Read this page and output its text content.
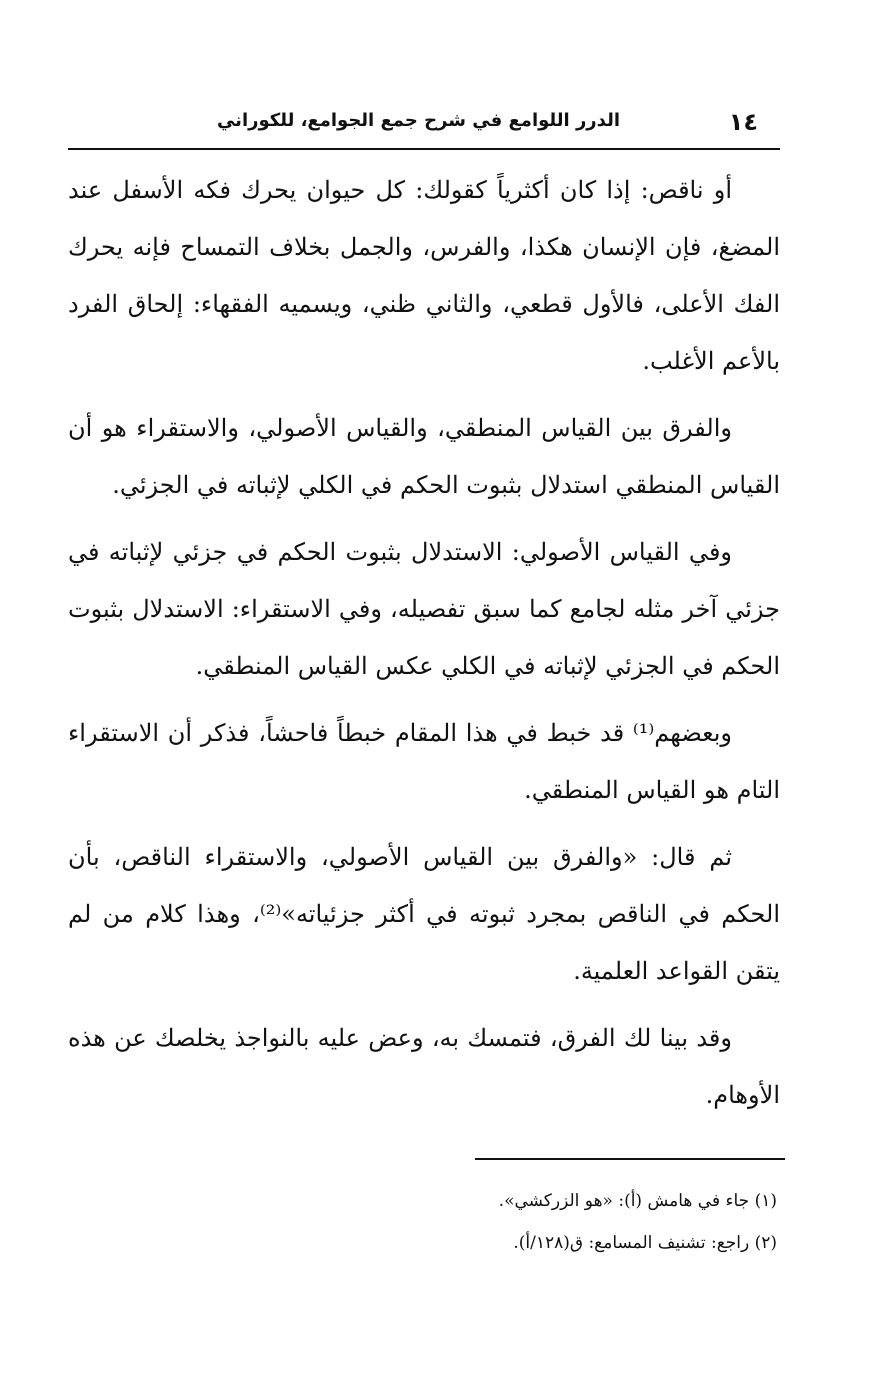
١٤
الدرر اللوامع في شرح جمع الجوامع، للكوراني

أو ناقص: إذا كان أكثرياً كقولك: كل حيوان يحرك فكه الأسفل عند المضغ، فإن الإنسان هكذا، والفرس، والجمل بخلاف التمساح فإنه يحرك الفك الأعلى، فالأول قطعي، والثاني ظني، ويسميه الفقهاء: إلحاق الفرد بالأعم الأغلب.

والفرق بين القياس المنطقي، والقياس الأصولي، والاستقراء هو أن القياس المنطقي استدلال بثبوت الحكم في الكلي لإثباته في الجزئي.

وفي القياس الأصولي: الاستدلال بثبوت الحكم في جزئي لإثباته في جزئي آخر مثله لجامع كما سبق تفصيله، وفي الاستقراء: الاستدلال بثبوت الحكم في الجزئي لإثباته في الكلي عكس القياس المنطقي.

وبعضهم⁽¹⁾ قد خبط في هذا المقام خبطاً فاحشاً، فذكر أن الاستقراء التام هو القياس المنطقي.

ثم قال: «والفرق بين القياس الأصولي، والاستقراء الناقص، بأن الحكم في الناقص بمجرد ثبوته في أكثر جزئياته»⁽²⁾، وهذا كلام من لم يتقن القواعد العلمية.

وقد بينا لك الفرق، فتمسك به، وعض عليه بالنواجذ يخلصك عن هذه الأوهام.

(١) جاء في هامش (أ): «هو الزركشي».

(٢) راجع: تشنيف المسامع: ق(١٢٨/أ).
